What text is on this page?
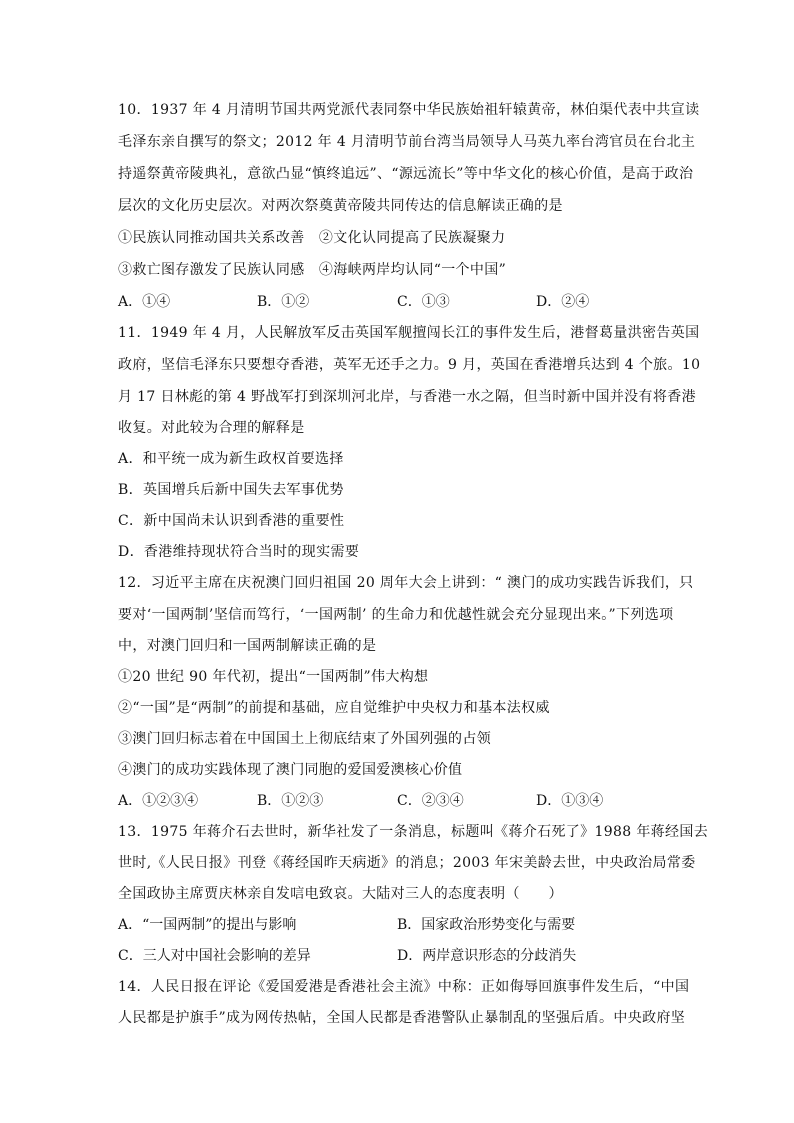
10．1937 年 4 月清明节国共两党派代表同祭中华民族始祖轩辕黄帝，林伯渠代表中共宣读
毛泽东亲自撰写的祭文；2012 年 4 月清明节前台湾当局领导人马英九率台湾官员在台北主
持遥祭黄帝陵典礼，意欲凸显“慎终追远”、“源远流长”等中华文化的核心价值，是高于政治
层次的文化历史层次。对两次祭奠黄帝陵共同传达的信息解读正确的是
①民族认同推动国共关系改善　②文化认同提高了民族凝聚力
③救亡图存激发了民族认同感　④海峡两岸均认同“一个中国”
A．①④	B．①②	C．①③	D．②④
11．1949 年 4 月，人民解放军反击英国军舰擅闯长江的事件发生后，港督葛量洪密告英国
政府，坚信毛泽东只要想夺香港，英军无还手之力。9 月，英国在香港增兵达到 4 个旅。10
月 17 日林彪的第 4 野战军打到深圳河北岸，与香港一水之隔，但当时新中国并没有将香港
收复。对此较为合理的解释是
A．和平统一成为新生政权首要选择
B．英国增兵后新中国失去军事优势
C．新中国尚未认识到香港的重要性
D．香港维持现状符合当时的现实需要
12．习近平主席在庆祝澳门回归祖国 20 周年大会上讲到：“ 澳门的成功实践告诉我们，只
要对‘一国两制’坚信而笃行，‘一国两制’ 的生命力和优越性就会充分显现出来。”下列选项
中，对澳门回归和一国两制解读正确的是
①20 世纪 90 年代初，提出“一国两制”伟大构想
②“一国”是“两制”的前提和基础，应自觉维护中央权力和基本法权威
③澳门回归标志着在中国国土上彻底结束了外国列强的占领
④澳门的成功实践体现了澳门同胞的爱国爱澳核心价值
A．①②③④	B．①②③	C．②③④	D．①③④
13．1975 年蒋介石去世时，新华社发了一条消息，标题叫《蒋介石死了》1988 年蒋经国去
世时,《人民日报》刊登《蒋经国昨天病逝》的消息；2003 年宋美龄去世，中央政治局常委
全国政协主席贾庆林亲自发唁电致哀。大陆对三人的态度表明（　　）
A．“一国两制”的提出与影响	B．国家政治形势变化与需要
C．三人对中国社会影响的差异	D．两岸意识形态的分歧消失
14．人民日报在评论《爱国爱港是香港社会主流》中称：正如侮辱回旗事件发生后，“中国
人民都是护旗手”成为网传热帖，全国人民都是香港警队止暴制乱的坚强后盾。中央政府坚
